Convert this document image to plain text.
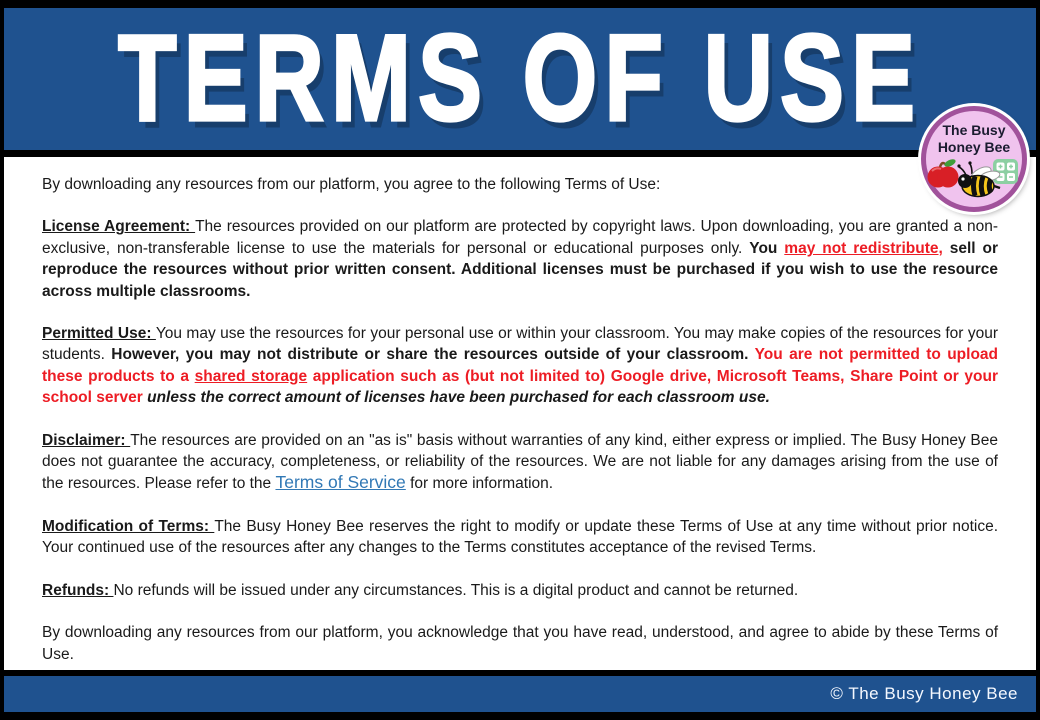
TERMS OF USE	The Busy
Honey Bee

By downloading any resources from our platform, you agree to the following Terms of Use:

License Agreement: The resources provided on our platform are protected by copyright laws. Upon downloading, you are granted a non-exclusive, non-transferable license to use the materials for personal or educational purposes only. You may not redistribute, sell or reproduce the resources without prior written consent. Additional licenses must be purchased if you wish to use the resource across multiple classrooms.

Permitted Use: You may use the resources for your personal use or within your classroom. You may make copies of the resources for your students. However, you may not distribute or share the resources outside of your classroom. You are not permitted to upload these products to a shared storage application such as (but not limited to) Google drive, Microsoft Teams, Share Point or your school server unless the correct amount of licenses have been purchased for each classroom use.

Disclaimer: The resources are provided on an "as is" basis without warranties of any kind, either express or implied. The Busy Honey Bee does not guarantee the accuracy, completeness, or reliability of the resources. We are not liable for any damages arising from the use of the resources. Please refer to the Terms of Service for more information.

Modification of Terms: The Busy Honey Bee reserves the right to modify or update these Terms of Use at any time without prior notice. Your continued use of the resources after any changes to the Terms constitutes acceptance of the revised Terms.

Refunds: No refunds will be issued under any circumstances. This is a digital product and cannot be returned.

By downloading any resources from our platform, you acknowledge that you have read, understood, and agree to abide by these Terms of Use.

© The Busy Honey Bee
